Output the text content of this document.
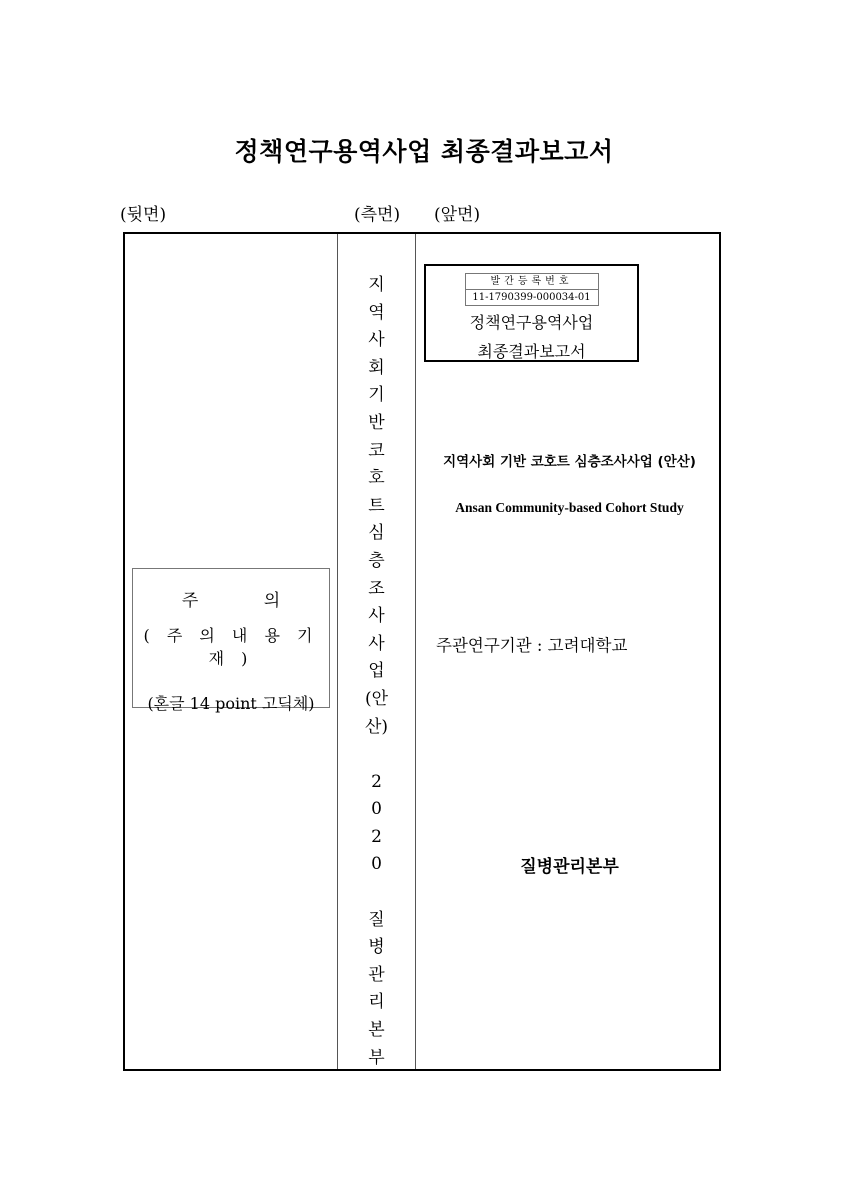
정책연구용역사업 최종결과보고서
(뒷면)	(측면) (앞면)
주 의
( 주 의 내 용 기 재 )
(혼글 14 point 고딕체)
지
역
사
회
기
반
코
호
트
심
층
조
사
사
업
(안
산)
2
0
2
0
질
병
관
리
본
부
발간등록번호
11-1790399-000034-01
정책연구용역사업
최종결과보고서
지역사회 기반 코호트 심층조사사업 (안산)
Ansan Community-based Cohort Study
주관연구기관 : 고려대학교
질병관리본부
